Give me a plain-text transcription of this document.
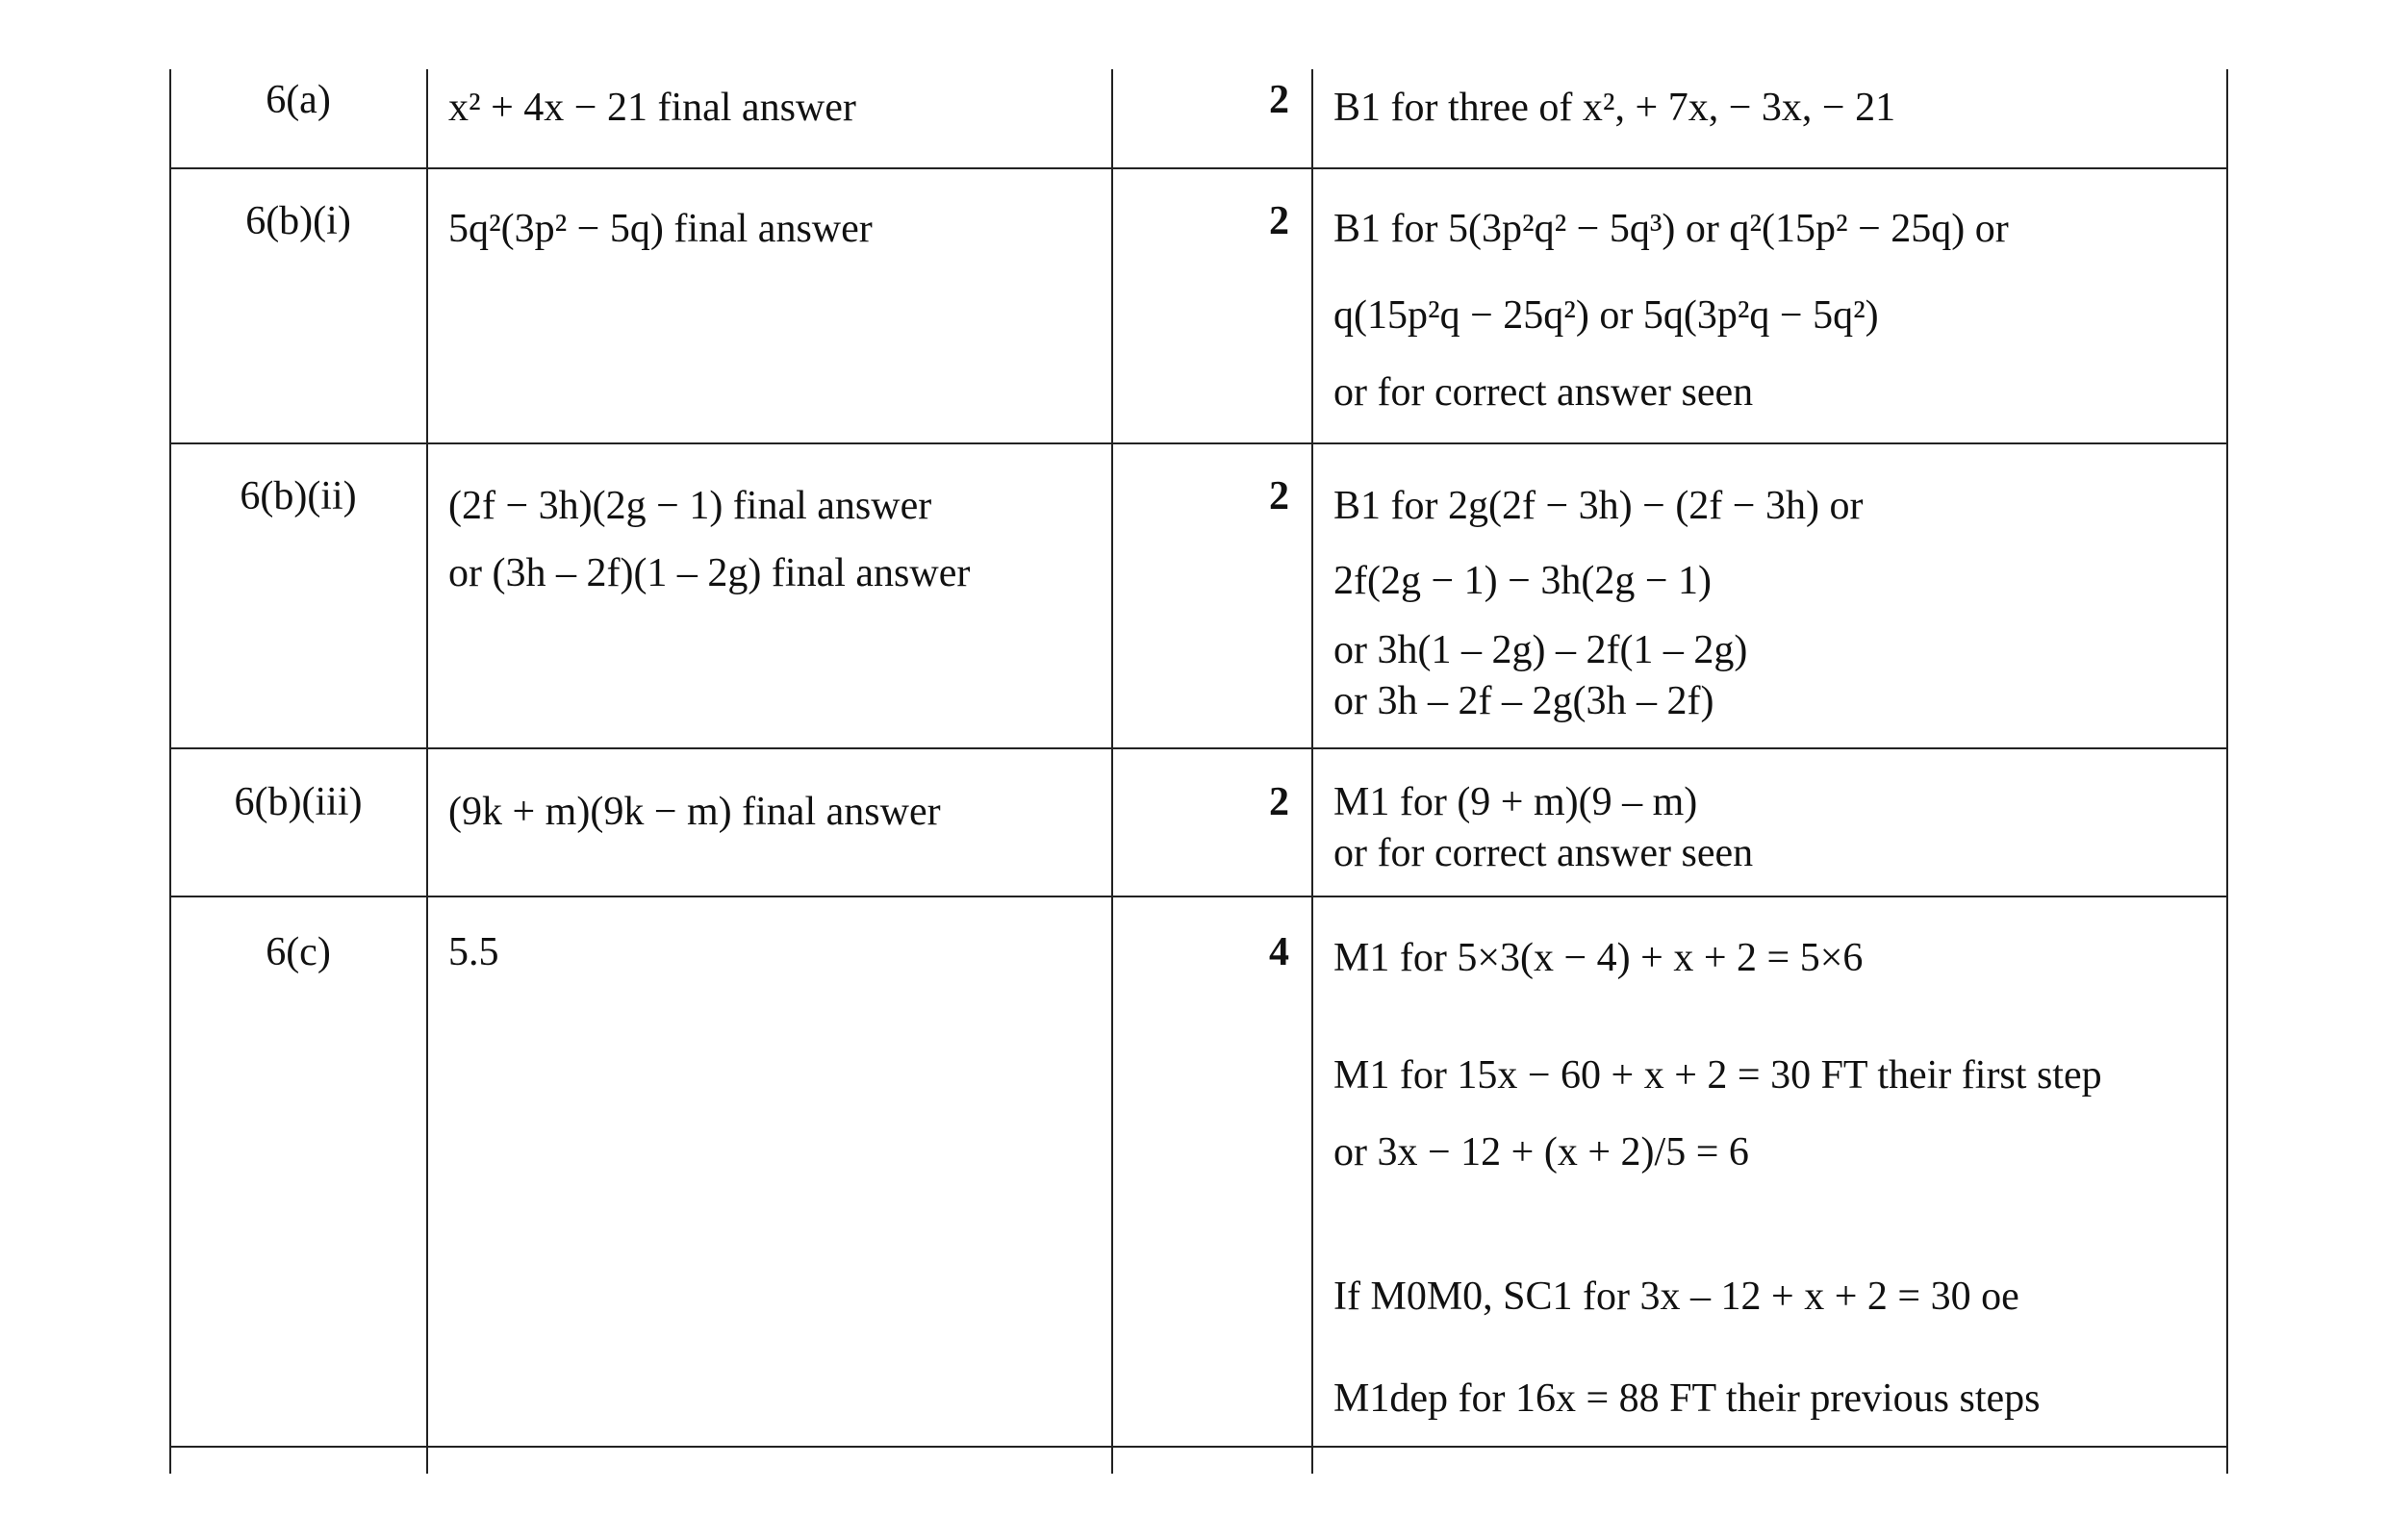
6(a)	x² + 4x − 21 final answer	2 B1 for three of x², + 7x, − 3x, − 21
6(b)(i)	5q²(3p² − 5q) final answer	2 B1 for 5(3p²q² − 5q³) or q²(15p² − 25q) or
q(15p²q − 25q²) or 5q(3p²q − 5q²)
or for correct answer seen
6(b)(ii)	(2f − 3h)(2g − 1) final answer
or (3h – 2f)(1 – 2g) final answer
2 B1 for 2g(2f − 3h) − (2f − 3h) or
2f(2g − 1) − 3h(2g − 1)
or 3h(1 – 2g) – 2f(1 – 2g)
or 3h – 2f – 2g(3h – 2f)
6(b)(iii)	(9k + m)(9k − m) final answer	2 M1 for (9 + m)(9 – m)
or for correct answer seen
6(c)	5.5	4 M1 for 5×3(x − 4) + x + 2 = 5×6
M1 for 15x − 60 + x + 2 = 30 FT their first step
or 3x − 12 + (x + 2)/5 = 6
If M0M0, SC1 for 3x – 12 + x + 2 = 30 oe
M1dep for 16x = 88 FT their previous steps
